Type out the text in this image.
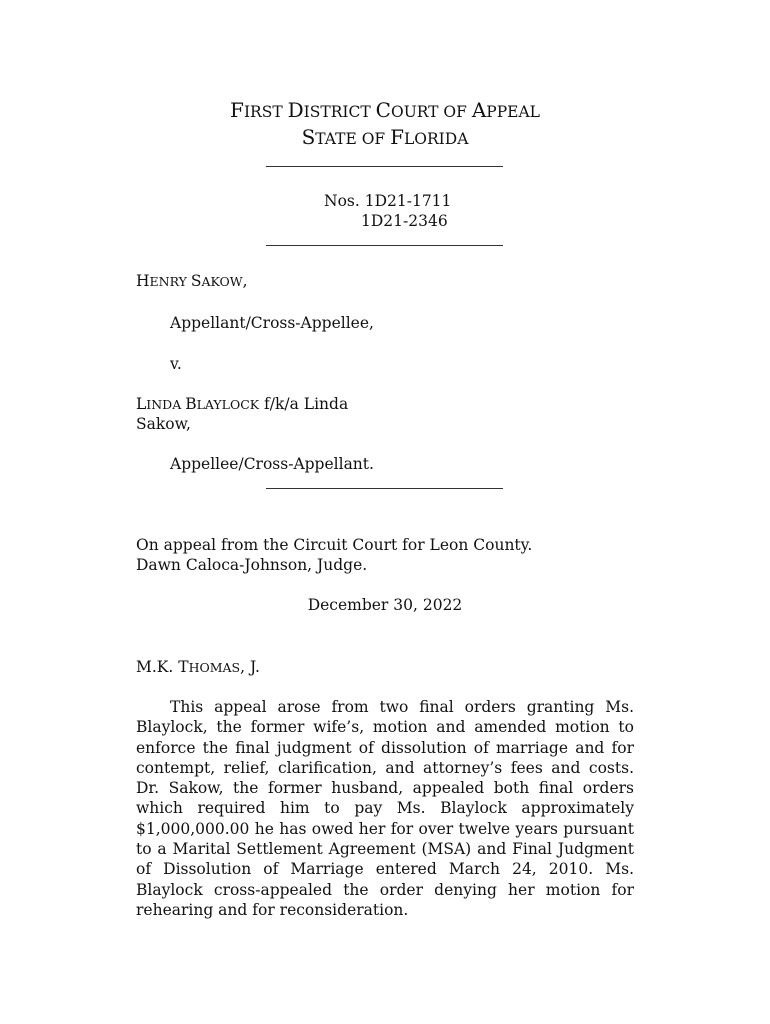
FIRST DISTRICT COURT OF APPEAL
STATE OF FLORIDA
Nos. 1D21-1711
1D21-2346
HENRY SAKOW,
Appellant/Cross-Appellee,
v.
LINDA BLAYLOCK f/k/a Linda
Sakow,
Appellee/Cross-Appellant.
On appeal from the Circuit Court for Leon County.
Dawn Caloca-Johnson, Judge.
December 30, 2022
M.K. THOMAS, J.

This appeal arose from two final orders granting Ms. Blaylock, the former wife’s, motion and amended motion to enforce the final judgment of dissolution of marriage and for contempt, relief, clarification, and attorney’s fees and costs. Dr. Sakow, the former husband, appealed both final orders which required him to pay Ms. Blaylock approximately $1,000,000.00 he has owed her for over twelve years pursuant to a Marital Settlement Agreement (MSA) and Final Judgment of Dissolution of Marriage entered March 24, 2010. Ms. Blaylock cross-appealed the order denying her motion for rehearing and for reconsideration.
